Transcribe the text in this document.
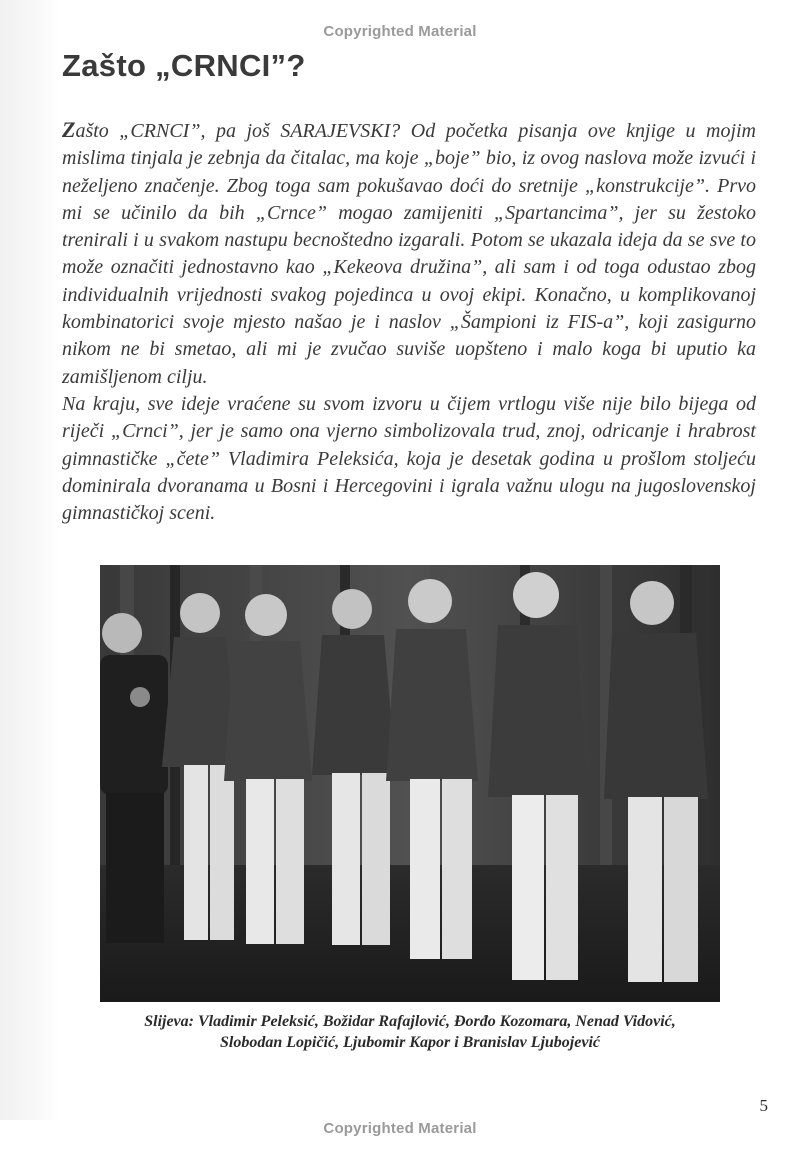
Copyrighted Material
Zašto „CRNCI”?

Zašto „CRNCI”, pa još SARAJEVSKI? Od početka pisanja ove knjige u mojim mislima tinjala je zebnja da čitalac, ma koje „boje” bio, iz ovog naslova može izvući i neželjeno značenje. Zbog toga sam pokušavao doći do sretnije „konstrukcije”. Prvo mi se učinilo da bih „Crnce” mogao zamijeniti „Spartancima”, jer su žestoko trenirali i u svakom nastupu beспoštedno izgarali. Potom se ukazala ideja da se sve to može označiti jednostavno kao „Kekeova družina”, ali sam i od toga odustao zbog individualnih vrijednosti svakog pojedinca u ovoj ekipi. Konačno, u komplikovanoj kombinatorici svoje mjesto našao je i naslov „Šampioni iz FIS-a”, koji zasigurno nikom ne bi smetao, ali mi je zvučao suviše uopšteno i malo koga bi uputio ka zamišljenom cilju.

Na kraju, sve ideje vraćene su svom izvoru u čijem vrtlogu više nije bilo bijega od riječi „Crnci”, jer je samo ona vjerno simbolizovala trud, znoj, odricanje i hrabrost gimnastičke „čete” Vladimira Peleksića, koja je desetak godina u prošlom stoljeću dominirala dvoranama u Bosni i Hercegovini i igrala važnu ulogu na jugoslovenskoj gimnastičkoj sceni.

Slijeva: Vladimir Peleksić, Božidar Rafajlović, Đorđo Kozomara, Nenad Vidović,
Slobodan Lopičić, Ljubomir Kapor i Branislav Ljubojević
5
Copyrighted Material
